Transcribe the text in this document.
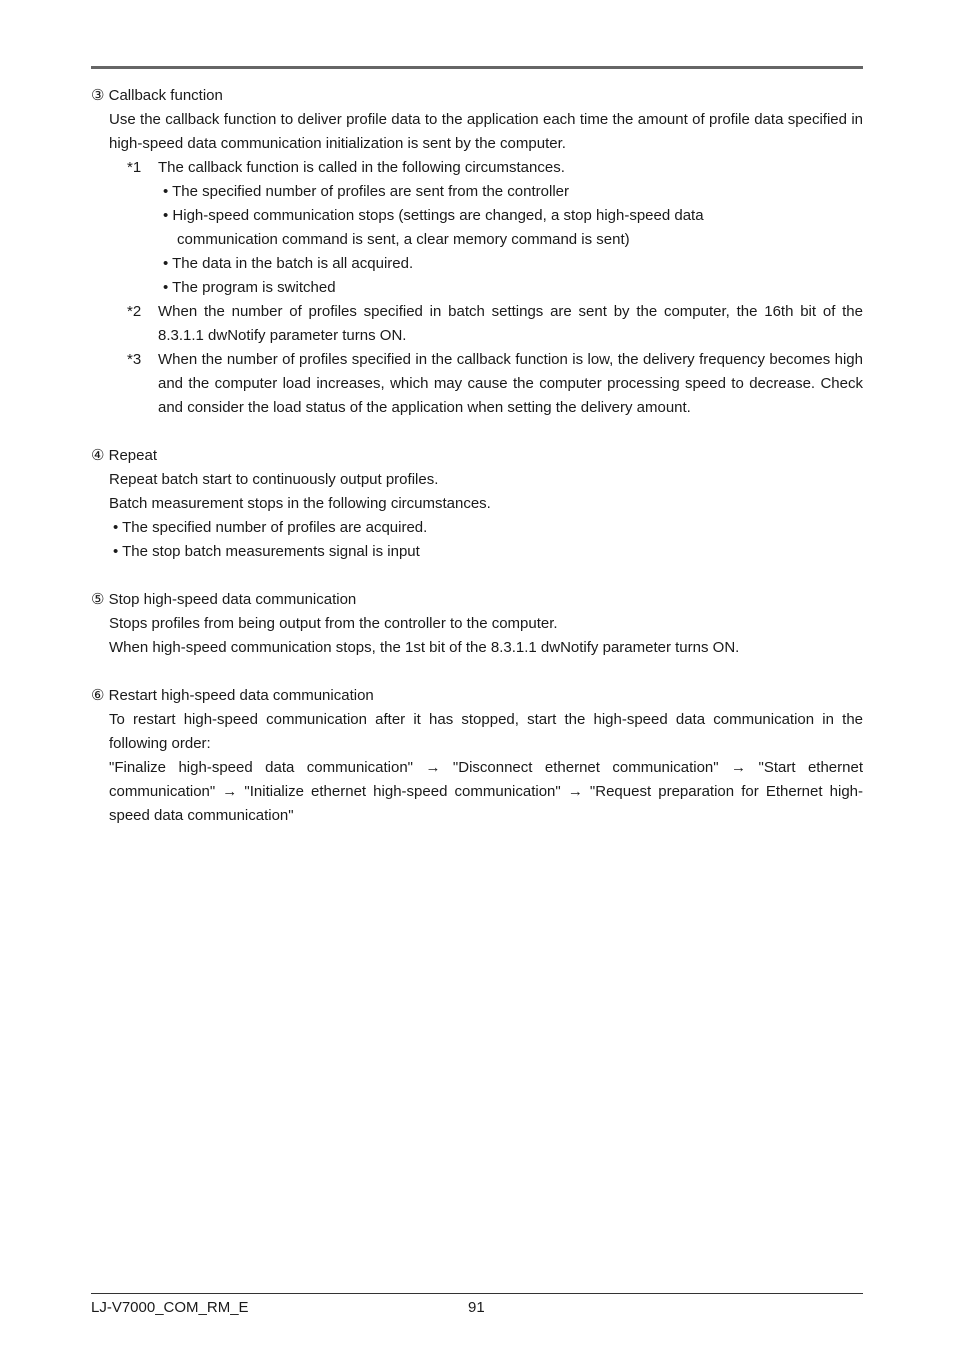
③ Callback function
Use the callback function to deliver profile data to the application each time the amount of profile data specified in high-speed data communication initialization is sent by the computer.
*1	The callback function is called in the following circumstances.
• The specified number of profiles are sent from the controller
• High-speed communication stops (settings are changed, a stop high-speed data
communication command is sent, a clear memory command is sent)
• The data in the batch is all acquired.
• The program is switched
*2	When the number of profiles specified in batch settings are sent by the computer, the 16th bit of the 8.3.1.1 dwNotify parameter turns ON.
*3	When the number of profiles specified in the callback function is low, the delivery frequency becomes high and the computer load increases, which may cause the computer processing speed to decrease. Check and consider the load status of the application when setting the delivery amount.
④ Repeat
Repeat batch start to continuously output profiles.
Batch measurement stops in the following circumstances.
• The specified number of profiles are acquired.
• The stop batch measurements signal is input
⑤ Stop high-speed data communication
Stops profiles from being output from the controller to the computer.
When high-speed communication stops, the 1st bit of the 8.3.1.1 dwNotify parameter turns ON.
⑥ Restart high-speed data communication
To restart high-speed communication after it has stopped, start the high-speed data communication in the following order:
"Finalize high-speed data communication" → "Disconnect ethernet communication" → "Start ethernet communication" → "Initialize ethernet high-speed communication" → "Request preparation for Ethernet high-speed data communication"
LJ-V7000_COM_RM_E	91
